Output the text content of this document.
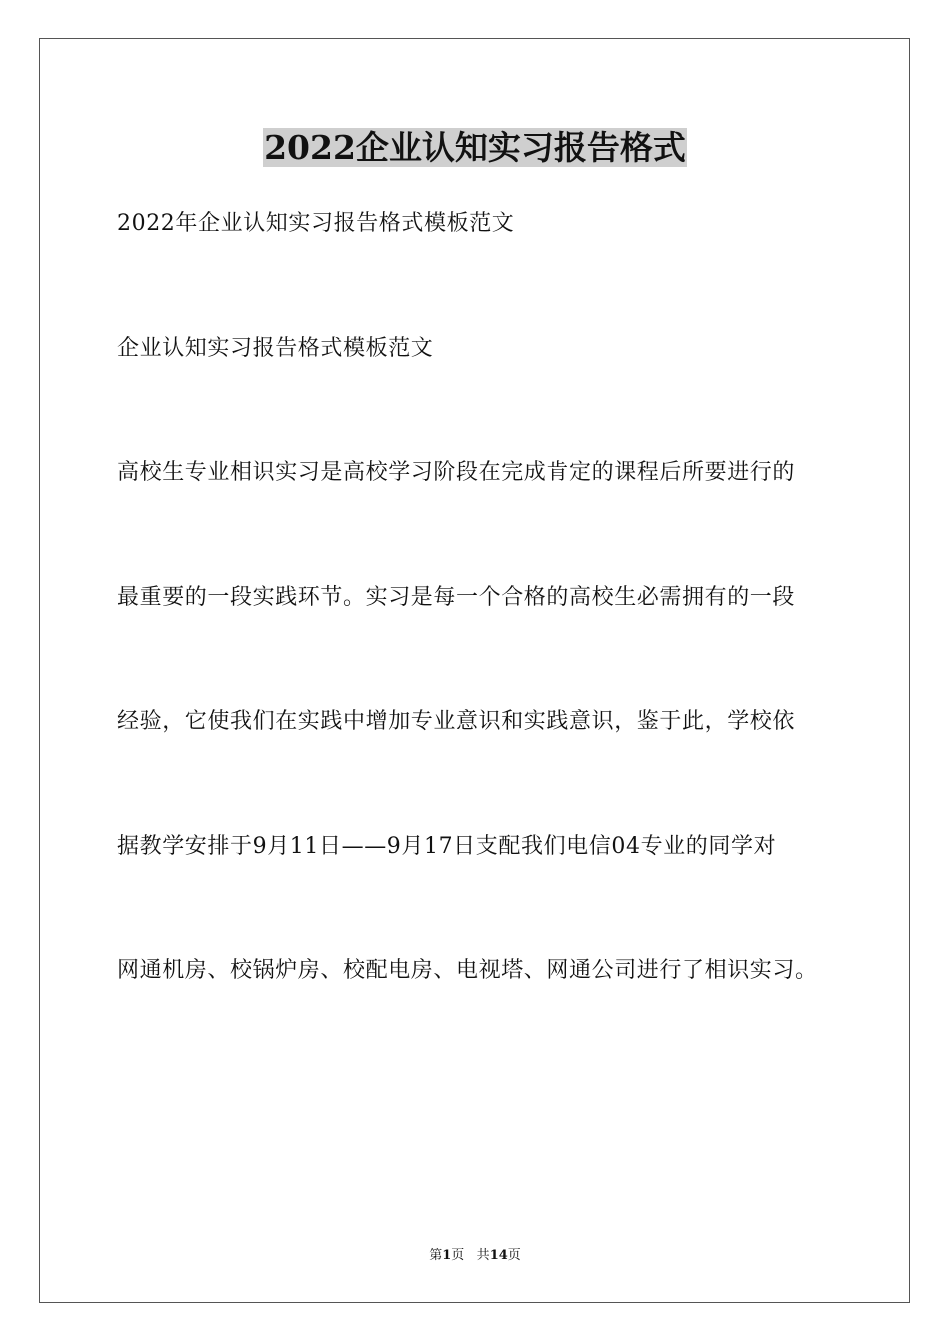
2022企业认知实习报告格式

2022年企业认知实习报告格式模板范文

企业认知实习报告格式模板范文

高校生专业相识实习是高校学习阶段在完成肯定的课程后所要进行的

最重要的一段实践环节。实习是每一个合格的高校生必需拥有的一段

经验，它使我们在实践中增加专业意识和实践意识，鉴于此，学校依

据教学安排于9月11日——9月17日支配我们电信04专业的同学对

网通机房、校锅炉房、校配电房、电视塔、网通公司进行了相识实习。

第1页 共14页
